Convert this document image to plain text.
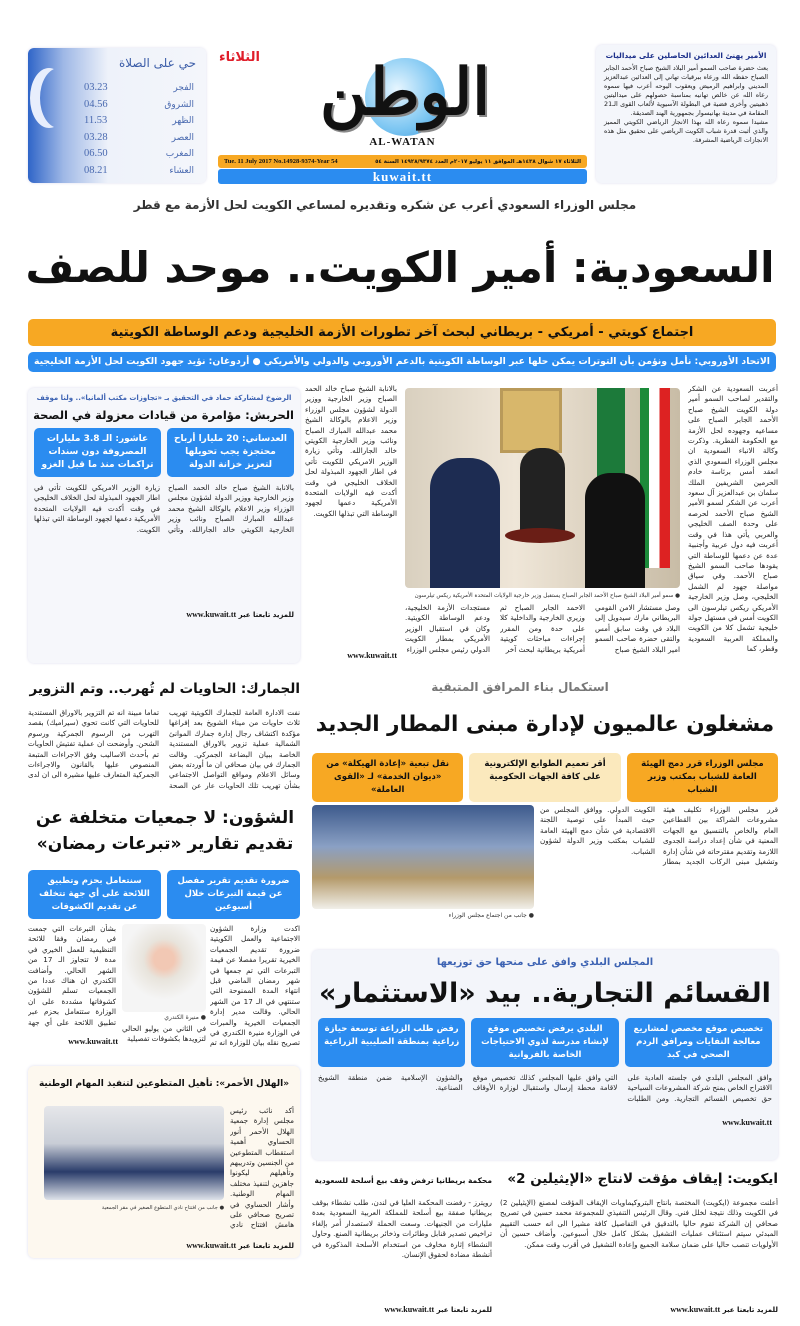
الأمير يهنئ العدائين الحاصلين على ميداليات
بعث حضرة صاحب السمو أمير البلاد الشيخ صباح الأحمد الجابر الصباح حفظه الله ورعاه ببرقيات تهاني إلى العدائين عبدالعزيز المديني وابراهيم الرميض ويعقوب اليوحه أعرب فيها سموه رعاه الله عن خالص تهانيه بمناسبة حصولهم على ميداليتين ذهبيتين وأخرى فضية في البطولة الآسيوية لألعاب القوى الـ21 المقامة في مدينة بهانيسوار بجمهورية الهند الصديقة.
مشيدا سموه رعاه الله بهذا الانجاز الرياضي الكويتي المميز والذي أثبت قدرة شباب الكويت الرياضي على تحقيق مثل هذه الانجازات الرياضية المشرفة.
الوطن
الثلاثاء
AL-WATAN
Tue. 11 July 2017 No.14928-9374-Year 54	الثلاثاء ١٧ شوال ١٤٣٨هـ الموافق ١١ يوليو ٢٠١٧م العدد ١٤٩٢٨/٩٣٧٤ السنة ٥٤
kuwait.tt
حي على الصلاة
03.23	الفجر
04.56	الشروق
11.53	الظهر
03.28	العصر
06.50	المغرب
08.21	العشاء
مجلس الوزراء السعودي أعرب عن شكره وتقديره لمساعي الكويت لحل الأزمة مع قطر
السعودية: أمير الكويت.. موحد للصف
اجتماع كويتي - أمريكي - بريطاني لبحث آخر تطورات الأزمة الخليجية ودعم الوساطة الكويتية
الاتحاد الأوروبي: نأمل ونؤمن بأن التوترات يمكن حلها عبر الوساطة الكويتية بالدعم الأوروبي والدولي والأمريكي ● أردوغان: نؤيد جهود الكويت لحل الأزمة الخليجية
أعربت السعودية عن الشكر والتقدير لصاحب السمو أمير دولة الكويت الشيخ صباح الأحمد الجابر الصباح على مساعيه وجهوده لحل الأزمة مع الحكومة القطرية. وذكرت وكالة الانباء السعودية ان مجلس الوزراء السعودي الذي انعقد أمس برئاسة خادم الحرمين الشريفين الملك سلمان بن عبدالعزيز آل سعود أعرب عن الشكر لسمو الأمير الشيخ صباح الأحمد لحرصه على وحدة الصف الخليجي والعربي يأتي هذا في وقت أعربت فيه دول عربية وأجنبية عدة عن دعمها للوساطة التي يقودها صاحب السمو الشيخ صباح الأحمد. وفي سياق مواصلة جهود لم الشمل الخليجي، وصل وزير الخارجية الأمريكي ريكس تيلرسون الى الكويت أمس في مستهل جولة خليجية تشمل كلا من الكويت والمملكة العربية السعودية وقطر، كما
● سمو أمير البلاد الشيخ صباح الأحمد الجابر الصباح يستقبل وزير خارجية الولايات المتحدة الأمريكية ريكس تيلرسون
وصل مستشار الامن القومي البريطاني مارك سيدويل إلى البلاد في وقت سابق أمس والتقى حضرة صاحب السمو امير البلاد الشيخ صباح
الاحمد الجابر الصباح ثم وزيري الخارجية والداخلية كلا على حدة ومن المقرر إجراءات مباحثات كويتية أمريكية بريطانية لبحث آخر
مستجدات الأزمة الخليجية، ودعم الوساطة الكويتية. وكان في استقبال الوزير الأمريكي بمطار الكويت الدولي رئيس مجلس الوزراء
بالانابة الشيخ صباح خالد الحمد الصباح وزير الخارجية ووزير الدولة لشؤون مجلس الوزراء وزير الاعلام بالوكالة الشيخ محمد عبدالله المبارك الصباح ونائب وزير الخارجية الكويتي خالد الجارالله. وتأتي زيارة الوزير الامريكي للكويت تأتي في اطار الجهود المبذولة لحل الخلاف الخليجي في وقت أكدت فيه الولايات المتحدة الأمريكية دعمها لجهود الوساطة التي تبذلها الكويت.
www.kuwait.tt
الرضوخ لمشاركة حماد في التحقيق بـ «تجاوزات مكتب ألمانيا».. ولنا موقف
الحربش: مؤامرة من قيادات معزولة في الصحة
العدساني: 20 مليارا أرباح محتجزة يجب تحويلها لتعزيز خزانة الدولة
عاشور: الـ 3.8 مليارات المصروفة دون سندات تراكمات منذ ما قبل الغزو
بالانابة الشيخ صباح خالد الحمد الصباح وزير الخارجية ووزير الدولة لشؤون مجلس الوزراء وزير الاعلام بالوكالة الشيخ محمد عبدالله المبارك الصباح ونائب وزير الخارجية الكويتي خالد الجارالله. وتأتي زيارة الوزير الامريكي للكويت تأتي في اطار الجهود المبذولة لحل الخلاف الخليجي في وقت أكدت فيه الولايات المتحدة الأمريكية دعمها لجهود الوساطة التي تبذلها الكويت.
للمزيد تابعنا عبر www.kuwait.tt
استكمال بناء المرافق المتبقية
مشغلون عالميون لإدارة مبنى المطار الجديد
مجلس الوزراء قرر دمج الهيئة العامة للشباب بمكتب وزير الشباب
أقر تعميم الطوابع الإلكترونية على كافة الجهات الحكومية
نقل تبعية «إعادة الهيكلة» من «ديوان الخدمة» لـ «القوى العاملة»
قرر مجلس الوزراء تكليف هيئة مشروعات الشراكة بين القطاعين العام والخاص بالتنسيق مع الجهات المعنية في شأن إعداد دراسة الجدوى اللازمة وتقديم مقترحاته في شأن إدارة وتشغيل مبنى الركاب الجديد بمطار الكويت الدولي. ووافق المجلس من حيث المبدأ على توصية اللجنة الاقتصادية في شأن دمج الهيئة العامة للشباب بمكتب وزير الدولة لشؤون الشباب.
● جانب من اجتماع مجلس الوزراء
الجمارك: الحاويات لم تُهرب.. وتم التزوير
نفت الادارة العامة للجمارك الكويتية تهريب ثلاث حاويات من ميناء الشويخ بعد إفراغها مؤكدة اكتشاف رجال إدارة جمارك الموانئ الشمالية عملية تزوير بالاوراق المستندية الخاصة ببيان البضاعة الجمركي. وقالت الجمارك في بيان صحافي ان ما أوردته بعض وسائل الاعلام ومواقع التواصل الاجتماعي بشأن تهريب تلك الحاويات عار عن الصحة تماما مبينة انه تم التزوير بالاوراق المستندية للحاويات التي كانت تحوي (سيراميك) بقصد التهرب من الرسوم الجمركية ورسوم الشحن. وأوضحت ان عملية تفتيش الحاويات تم بأحدث الاساليب وفق الاجراءات المتبعة المنصوص عليها بالقانون والاجراءات الجمركية المتعارف عليها مشيرة الى ان لدى
الشؤون: لا جمعيات متخلفة عن تقديم تقارير «تبرعات رمضان»
ضرورة تقديم تقرير مفصل عن قيمة التبرعات خلال أسبوعين
سنتعامل بحزم وتطبيق اللائحة على أي جهة تتخلف عن تقديم الكشوفات
اكدت وزارة الشؤون الاجتماعية والعمل الكويتية ضرورة تقديم الجمعيات الخيرية تقريرا مفصلا عن قيمة التبرعات التي تم جمعها في شهر رمضان الماضي قبل انتهاء المدة الممنوحة التي ستنتهي في الـ 17 من الشهر الحالي. وقالت مدير إدارة الجمعيات الخيرية والمبرات في الوزارة منيرة الكندري في تصريح نقله بيان للوزارة انه تم
● منيرة الكندري
في الثاني من يوليو الحالي لتزويدها بكشوفات تفصيلية
بشأن التبرعات التي جمعت في رمضان وفقا للائحة التنظيمية للعمل الخيري في مدة لا تتجاوز الـ 17 من الشهر الحالي. وأضافت الكندري ان هناك عددا من الجمعيات تسلم للشؤون كشوفاتها مشددة على ان الوزارة ستتعامل بحزم عبر تطبيق اللائحة على أي جهة
www.kuwait.tt
المجلس البلدي وافق على منحها حق توزيعها
القسائم التجارية.. بيد «الاستثمار»
تخصيص موقع مخصص لمشاريع معالجة النفايات ومرافق الردم الصحي في كبد
البلدي يرفض تخصيص موقع لإنشاء مدرسة لذوي الاحتياجات الخاصة بالفروانية
رفض طلب الزراعة توسعة حيازة زراعية بمنطقة الصليبية الزراعية
وافق المجلس البلدي في جلسته العادية على الاقتراح الخاص بمنح شركة المشروعات السياحية حق تخصيص القسائم التجارية. ومن الطلبات التي وافق عليها المجلس كذلك تخصيص موقع لاقامة محطة إرسال واستقبال لوزارة الأوقاف والشؤون الإسلامية ضمن منطقة الشويخ الصناعية.
www.kuwait.tt
«الهلال الأحمر»: تأهيل المتطوعين لتنفيذ المهام الوطنية
● جانب من افتتاح نادي المتطوع الصغير في مقر الجمعية
أكد نائب رئيس مجلس إدارة جمعية الهلال الأحمر أنور الحساوي أهمية استقطاب المتطوعين من الجنسين وتدريبهم وتأهيلهم ليكونوا جاهزين لتنفيذ مختلف المهام الوطنية. وأشار الحساوي في تصريح صحافي على هامش افتتاح نادي
للمزيد تابعنا عبر www.kuwait.tt
ايكويت: إيقاف مؤقت لانتاج «الإيثيلين 2»
أعلنت مجموعة (ايكويت) المختصة بانتاج البتروكيماويات الإيقاف المؤقت لمصنع (الإيثيلين 2) في الكويت وذلك نتيجة لخلل فني. وقال الرئيس التنفيذي للمجموعة محمد حسين في تصريح صحافي إن الشركة تقوم حاليا بالتدقيق في التفاصيل كافة مشيرا الى انه حسب التقييم المبدئي سيتم استئناف عمليات التشغيل بشكل كامل خلال أسبوعين. وأضاف حسين أن الأولويات تنصب حاليا على ضمان سلامة الجميع وإعادة التشغيل في أقرب وقت ممكن.
للمزيد تابعنا عبر www.kuwait.tt
محكمة بريطانيا ترفض وقف بيع أسلحة للسعودية
رويترز - رفضت المحكمة العليا في لندن، طلب نشطاء بوقف بريطانيا صفقة بيع أسلحة للمملكة العربية السعودية بعدة مليارات من الجنيهات. وسعت الحملة لاستصدار أمر بإلغاء تراخيص تصدير قنابل وطائرات وذخائر بريطانية الصنع. وحاول النشطاء إثارة مخاوف من استخدام الأسلحة المذكورة في أنشطة مضادة لحقوق الإنسان.
للمزيد تابعنا عبر www.kuwait.tt
